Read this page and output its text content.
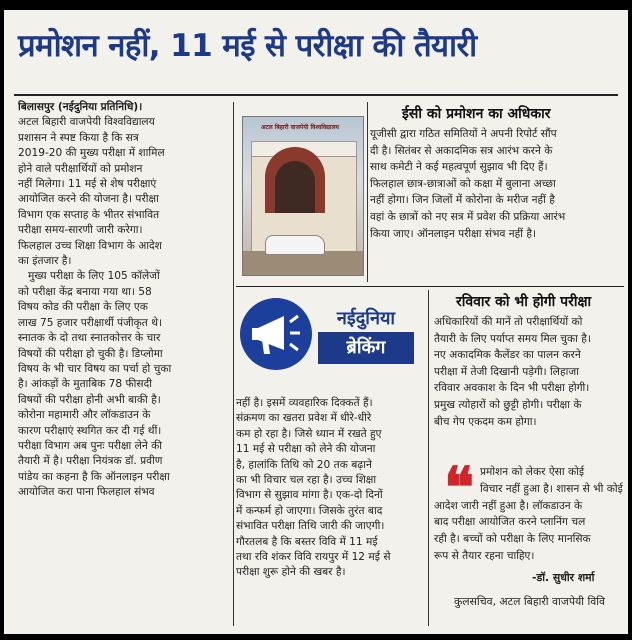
प्रमोशन नहीं, 11 मई से परीक्षा की तैयारी

बिलासपुर (नईदुनिया प्रतिनिधि)।

अटल बिहारी वाजपेयी विश्वविद्यालय

प्रशासन ने स्पष्ट किया है कि सत्र

2019-20 की मुख्य परीक्षा में शामिल

होने वाले परीक्षार्थियों को प्रमोशन

नहीं मिलेगा। 11 मई से शेष परीक्षाएं

आयोजित करने की योजना है। परीक्षा

विभाग एक सप्ताह के भीतर संभावित

परीक्षा समय-सारणी जारी करेगा।

फिलहाल उच्च शिक्षा विभाग के आदेश

का इंतजार है।

मुख्य परीक्षा के लिए 105 कॉलेजों

को परीक्षा केंद्र बनाया गया था। 58

विषय कोड की परीक्षा के लिए एक

लाख 75 हजार परीक्षार्थी पंजीकृत थे।

स्नातक के दो तथा स्नातकोत्तर के चार

विषयों की परीक्षा हो चुकी है। डिप्लोमा

विषय के भी चार विषय का पर्चा हो चुका

है। आंकड़ों के मुताबिक 78 फीसदी

विषयों की परीक्षा होनी अभी बाकी है।

कोरोना महामारी और लॉकडाउन के

कारण परीक्षाएं स्थगित कर दी गई थीं।

परीक्षा विभाग अब पुनः परीक्षा लेने की

तैयारी में है। परीक्षा नियंत्रक डॉ. प्रवीण

पांडेय का कहना है कि ऑनलाइन परीक्षा

आयोजित करा पाना फिलहाल संभव

अटल बिहारी वाजपेयी विश्वविद्यालय
नईदुनिया
ब्रेकिंग

नहीं है। इसमें व्यवहारिक दिक्कतें हैं।

संक्रमण का खतरा प्रवेश में धीरे-धीरे

कम हो रहा है। जिसे ध्यान में रखते हुए

11 मई से परीक्षा को लेने की योजना

है, हालांकि तिथि को 20 तक बढ़ाने

का भी विचार चल रहा है। उच्च शिक्षा

विभाग से सुझाव मांगा है। एक-दो दिनों

में कन्फर्म हो जाएगा। जिसके तुरंत बाद

संभावित परीक्षा तिथि जारी की जाएगी।

गौरतलब है कि बस्तर विवि में 11 मई

तथा रवि शंकर विवि रायपुर में 12 मई से

परीक्षा शुरू होने की खबर है।

ईसी को प्रमोशन का अधिकार

यूजीसी द्वारा गठित समितियों ने अपनी रिपोर्ट सौंप

दी है। सितंबर से अकादमिक सत्र आरंभ करने के

साथ कमेटी ने कई महत्वपूर्ण सुझाव भी दिए हैं।

फिलहाल छात्र-छात्राओं को कक्षा में बुलाना अच्छा

नहीं होगा। जिन जिलों में कोरोना के मरीज नहीं है

वहां के छात्रों को नए सत्र में प्रवेश की प्रक्रिया आरंभ

किया जाए। ऑनलाइन परीक्षा संभव नहीं है।

रविवार को भी होगी परीक्षा

अधिकारियों की मानें तो परीक्षार्थियों को

तैयारी के लिए पर्याप्त समय मिल चुका है।

नए अकादमिक कैलेंडर का पालन करने

परीक्षा में तेजी दिखानी पड़ेगी। लिहाजा

रविवार अवकाश के दिन भी परीक्षा होगी।

प्रमुख त्योहारों को छुट्टी होगी। परीक्षा के

बीच गेप एकदम कम होगा।

❝ प्रमोशन को लेकर ऐसा कोई

विचार नहीं हुआ है। शासन से भी कोई

आदेश जारी नहीं हुआ है। लॉकडाउन के

बाद परीक्षा आयोजित करने प्लानिंग चल

रही है। बच्चों को परीक्षा के लिए मानसिक

रूप से तैयार रहना चाहिए।

-डॉ. सुधीर शर्मा
कुलसचिव, अटल बिहारी वाजपेयी विवि
